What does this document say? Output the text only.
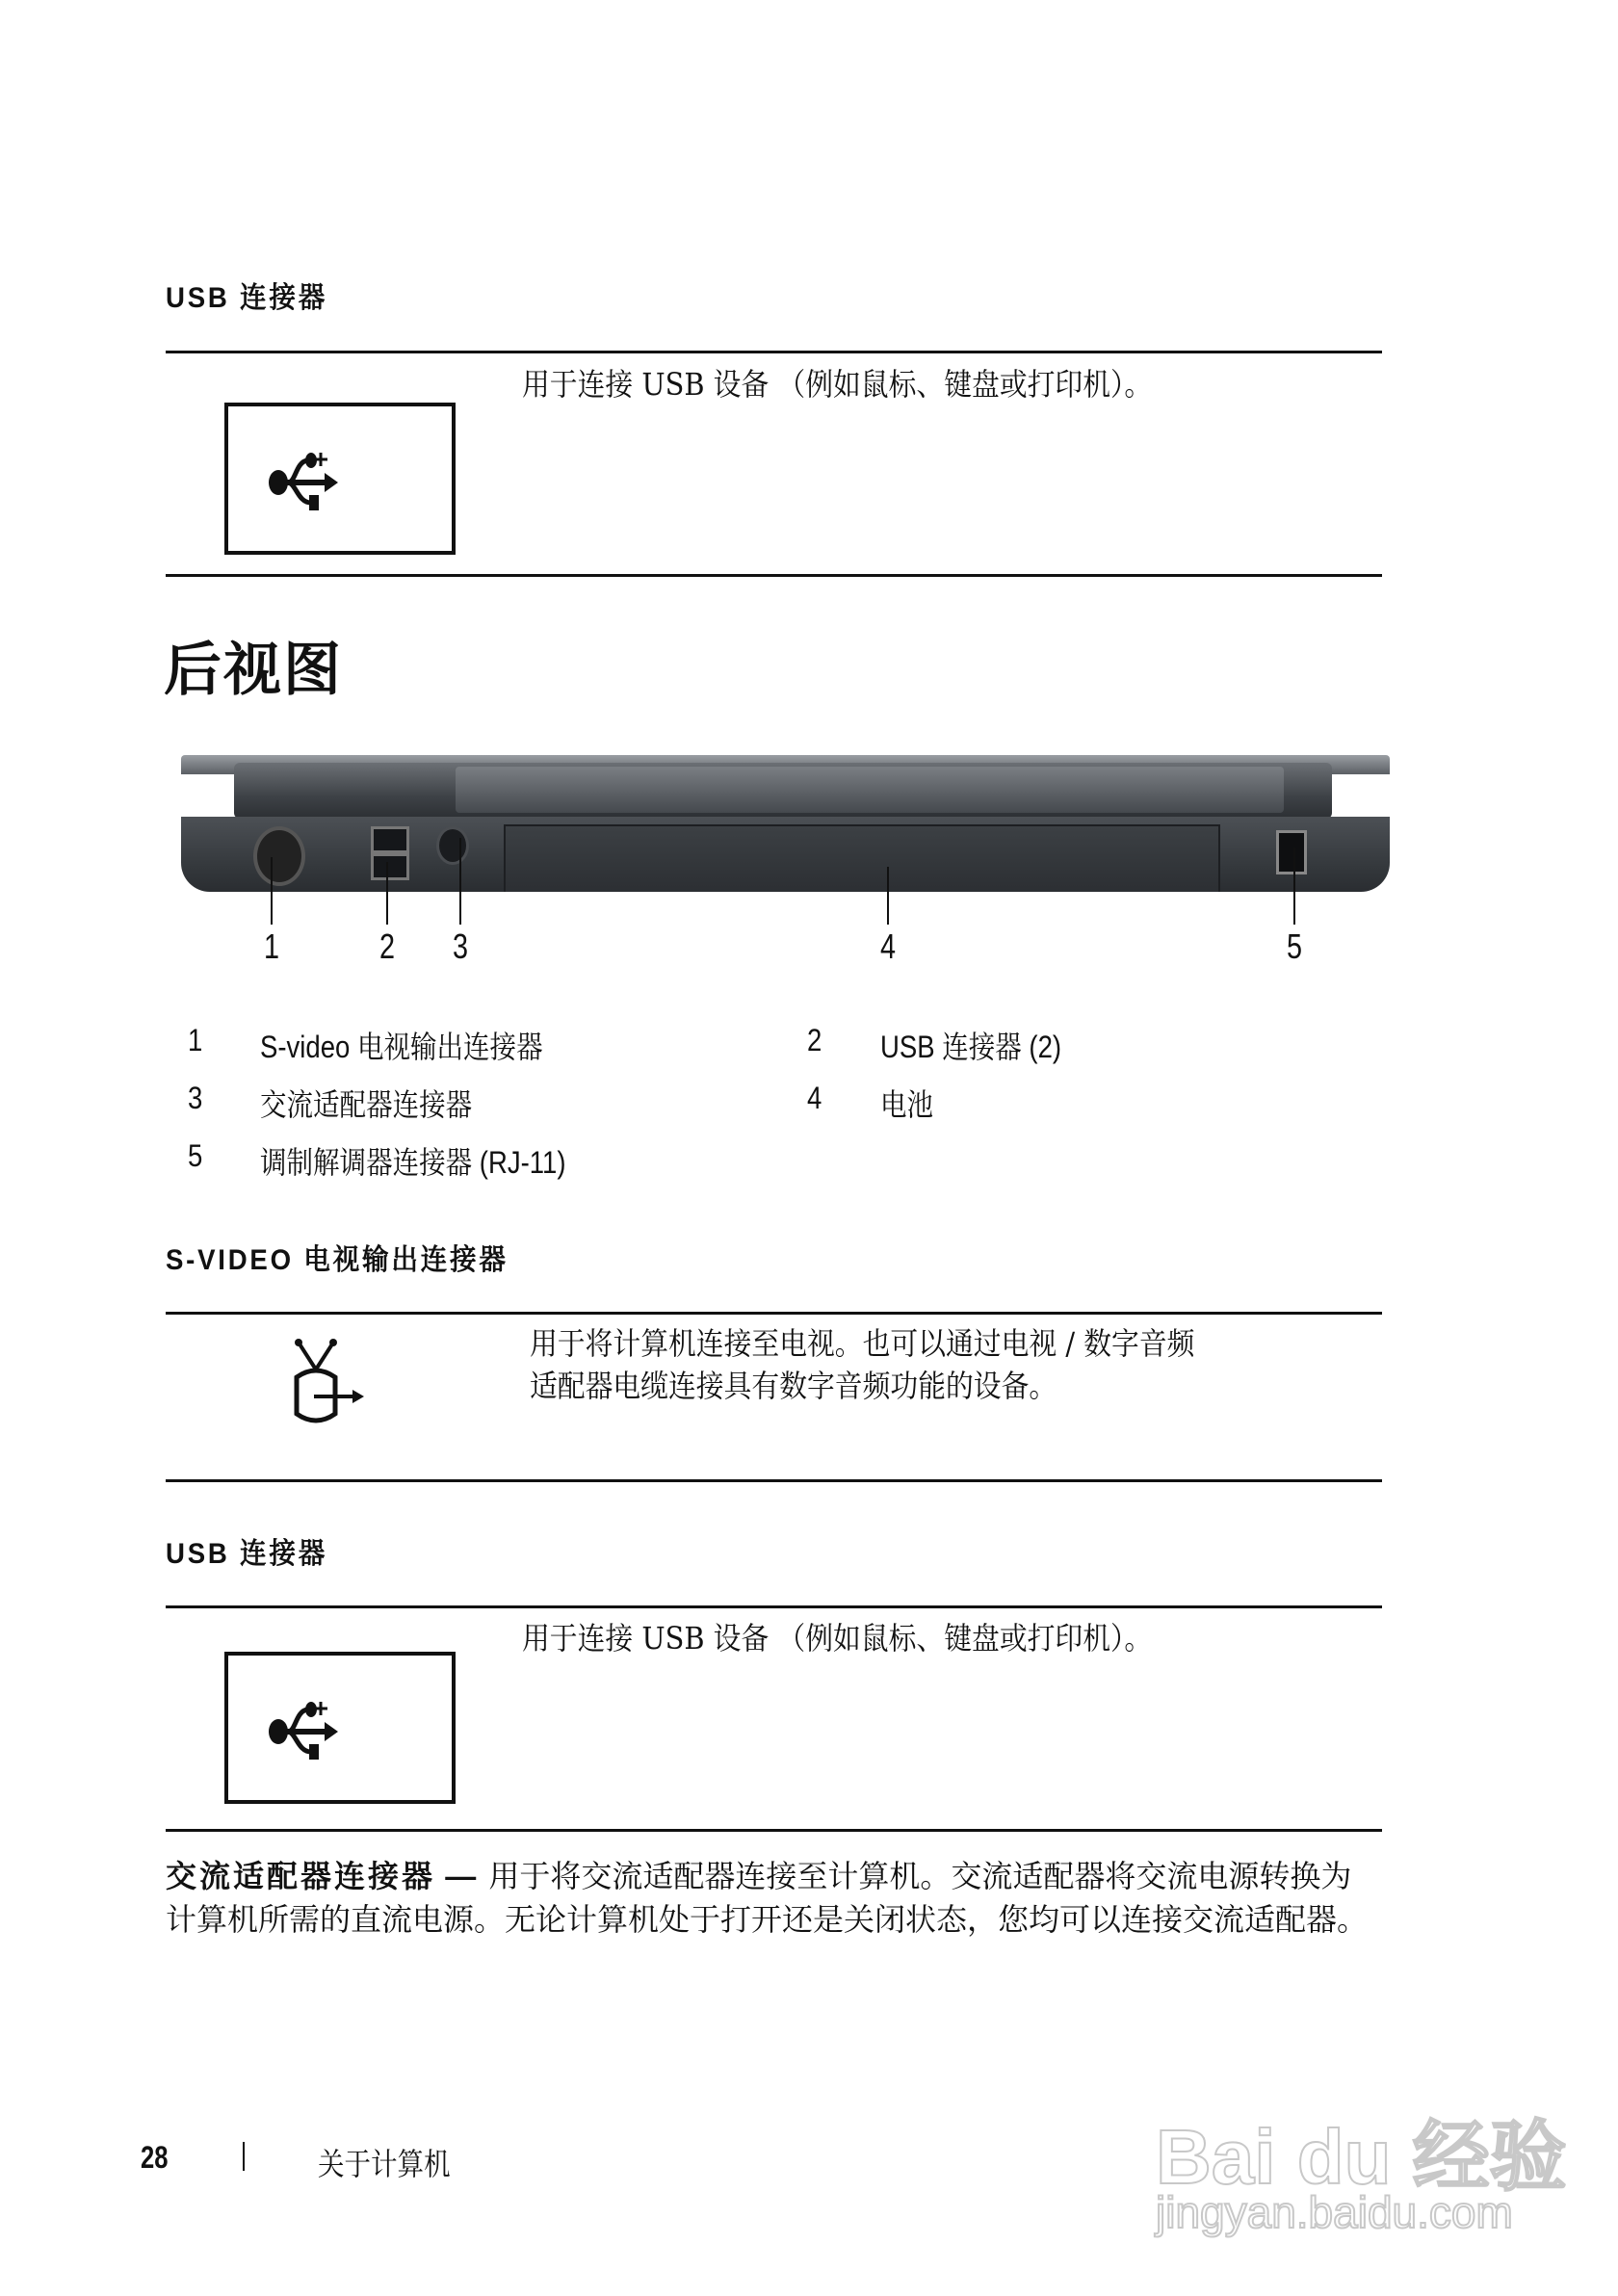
USB 连接器
用于连接 USB 设备 （例如鼠标、键盘或打印机）。
后视图
1	2 3	4	5
1 S-video 电视输出连接器	2 USB 连接器 (2)
3 交流适配器连接器	4 电池
5 调制解调器连接器 (RJ-11)
S-VIDEO 电视输出连接器
用于将计算机连接至电视。也可以通过电视 / 数字音频
适配器电缆连接具有数字音频功能的设备。
USB 连接器
用于连接 USB 设备 （例如鼠标、键盘或打印机）。
交流适配器连接器 — 用于将交流适配器连接至计算机。交流适配器将交流电源转换为计算机所需的直流电源。无论计算机处于打开还是关闭状态，您均可以连接交流适配器。
28	关于计算机	Bai du 经验
jingyan.baidu.com
